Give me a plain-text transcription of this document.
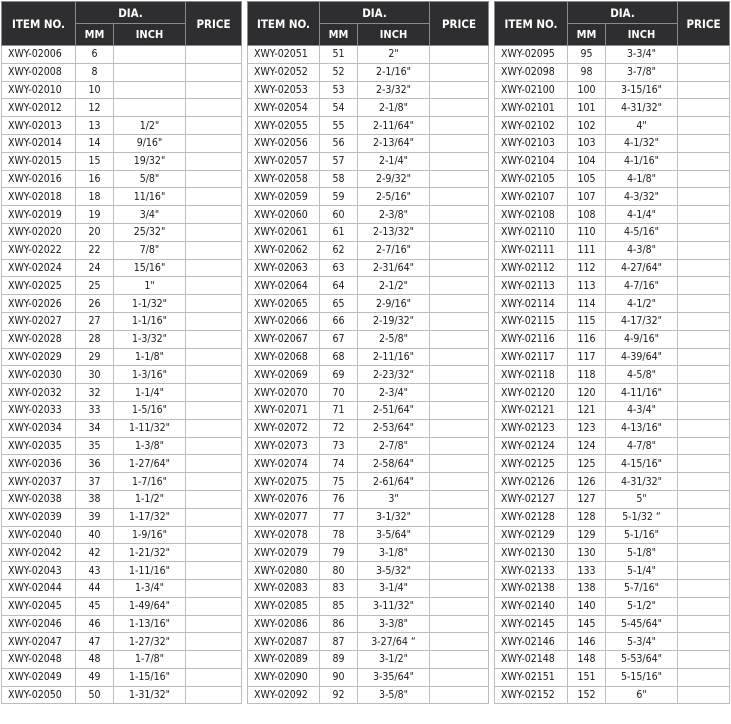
ITEM NO.	DIA.		PRICE
	MM	INCH	
XWY-02006	6		
XWY-02008	8		
XWY-02010	10		
XWY-02012	12		
XWY-02013	13	1/2"	
XWY-02014	14	9/16"	
XWY-02015	15	19/32"	
XWY-02016	16	5/8"	
XWY-02018	18	11/16"	
XWY-02019	19	3/4"	
XWY-02020	20	25/32"	
XWY-02022	22	7/8"	
XWY-02024	24	15/16"	
XWY-02025	25	1"	
XWY-02026	26	1-1/32"	
XWY-02027	27	1-1/16"	
XWY-02028	28	1-3/32"	
XWY-02029	29	1-1/8"	
XWY-02030	30	1-3/16"	
XWY-02032	32	1-1/4"	
XWY-02033	33	1-5/16"	
XWY-02034	34	1-11/32"	
XWY-02035	35	1-3/8"	
XWY-02036	36	1-27/64"	
XWY-02037	37	1-7/16"	
XWY-02038	38	1-1/2"	
XWY-02039	39	1-17/32"	
XWY-02040	40	1-9/16"	
XWY-02042	42	1-21/32"	
XWY-02043	43	1-11/16"	
XWY-02044	44	1-3/4"	
XWY-02045	45	1-49/64"	
XWY-02046	46	1-13/16"	
XWY-02047	47	1-27/32"	
XWY-02048	48	1-7/8"	
XWY-02049	49	1-15/16"	
XWY-02050	50	1-31/32"	
ITEM NO.	DIA.		PRICE
	MM	INCH	
XWY-02051	51	2"	
XWY-02052	52	2-1/16"	
XWY-02053	53	2-3/32"	
XWY-02054	54	2-1/8"	
XWY-02055	55	2-11/64"	
XWY-02056	56	2-13/64"	
XWY-02057	57	2-1/4"	
XWY-02058	58	2-9/32"	
XWY-02059	59	2-5/16"	
XWY-02060	60	2-3/8"	
XWY-02061	61	2-13/32"	
XWY-02062	62	2-7/16"	
XWY-02063	63	2-31/64"	
XWY-02064	64	2-1/2"	
XWY-02065	65	2-9/16"	
XWY-02066	66	2-19/32"	
XWY-02067	67	2-5/8"	
XWY-02068	68	2-11/16"	
XWY-02069	69	2-23/32"	
XWY-02070	70	2-3/4"	
XWY-02071	71	2-51/64"	
XWY-02072	72	2-53/64"	
XWY-02073	73	2-7/8"	
XWY-02074	74	2-58/64"	
XWY-02075	75	2-61/64"	
XWY-02076	76	3"	
XWY-02077	77	3-1/32"	
XWY-02078	78	3-5/64"	
XWY-02079	79	3-1/8"	
XWY-02080	80	3-5/32"	
XWY-02083	83	3-1/4"	
XWY-02085	85	3-11/32"	
XWY-02086	86	3-3/8"	
XWY-02087	87	3-27/64 “	
XWY-02089	89	3-1/2"	
XWY-02090	90	3-35/64"	
XWY-02092	92	3-5/8"	
ITEM NO.	DIA.		PRICE
	MM	INCH	
XWY-02095	95	3-3/4"	
XWY-02098	98	3-7/8"	
XWY-02100	100	3-15/16"	
XWY-02101	101	4-31/32"	
XWY-02102	102	4"	
XWY-02103	103	4-1/32"	
XWY-02104	104	4-1/16"	
XWY-02105	105	4-1/8"	
XWY-02107	107	4-3/32"	
XWY-02108	108	4-1/4"	
XWY-02110	110	4-5/16"	
XWY-02111	111	4-3/8"	
XWY-02112	112	4-27/64"	
XWY-02113	113	4-7/16"	
XWY-02114	114	4-1/2"	
XWY-02115	115	4-17/32"	
XWY-02116	116	4-9/16"	
XWY-02117	117	4-39/64"	
XWY-02118	118	4-5/8"	
XWY-02120	120	4-11/16"	
XWY-02121	121	4-3/4"	
XWY-02123	123	4-13/16"	
XWY-02124	124	4-7/8"	
XWY-02125	125	4-15/16"	
XWY-02126	126	4-31/32"	
XWY-02127	127	5"	
XWY-02128	128	5-1/32 “	
XWY-02129	129	5-1/16"	
XWY-02130	130	5-1/8"	
XWY-02133	133	5-1/4"	
XWY-02138	138	5-7/16"	
XWY-02140	140	5-1/2"	
XWY-02145	145	5-45/64"	
XWY-02146	146	5-3/4"	
XWY-02148	148	5-53/64"	
XWY-02151	151	5-15/16"	
XWY-02152	152	6"	
